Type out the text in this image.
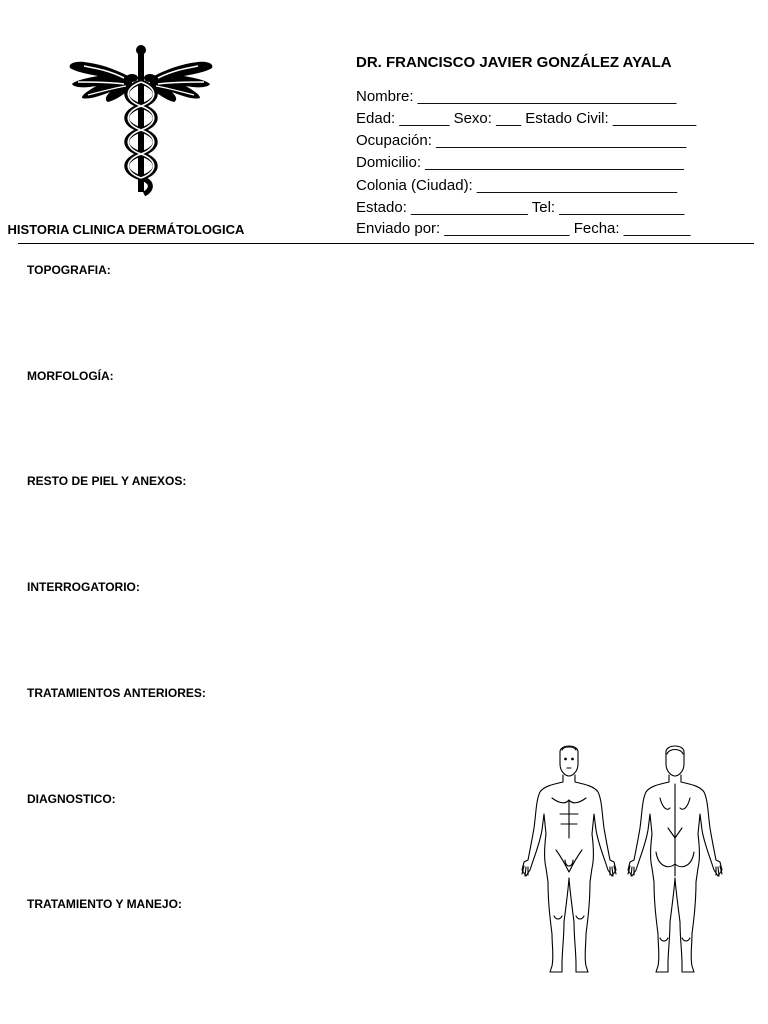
HISTORIA CLINICA DERMÁTOLOGICA
DR. FRANCISCO JAVIER GONZÁLEZ AYALA
Nombre: _______________________________
Edad: ______ Sexo: ___ Estado Civil: __________
Ocupación: ______________________________
Domicilio: _______________________________
Colonia (Ciudad): ________________________
Estado: ______________ Tel: _______________
Enviado por: _______________ Fecha: ________
TOPOGRAFIA:
MORFOLOGÍA:
RESTO DE PIEL Y ANEXOS:
INTERROGATORIO:
TRATAMIENTOS ANTERIORES:
DIAGNOSTICO:
TRATAMIENTO Y MANEJO:
